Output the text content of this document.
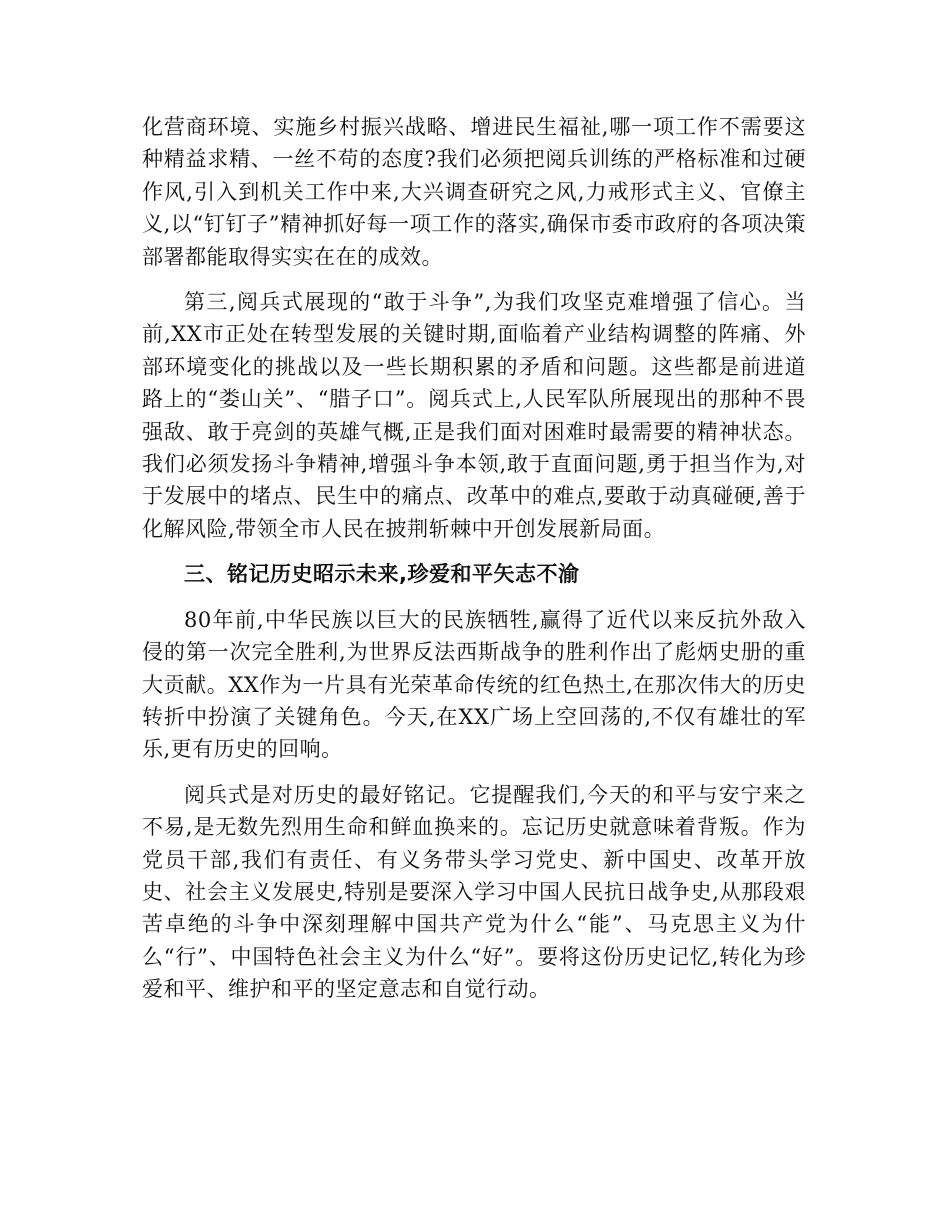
化营商环境、实施乡村振兴战略、增进民生福祉,哪一项工作不需要这种精益求精、一丝不苟的态度?我们必须把阅兵训练的严格标准和过硬作风,引入到机关工作中来,大兴调查研究之风,力戒形式主义、官僚主义,以“钉钉子”精神抓好每一项工作的落实,确保市委市政府的各项决策部署都能取得实实在在的成效。

第三,阅兵式展现的“敢于斗争”,为我们攻坚克难增强了信心。当前,XX市正处在转型发展的关键时期,面临着产业结构调整的阵痛、外部环境变化的挑战以及一些长期积累的矛盾和问题。这些都是前进道路上的“娄山关”、“腊子口”。阅兵式上,人民军队所展现出的那种不畏强敌、敢于亮剑的英雄气概,正是我们面对困难时最需要的精神状态。我们必须发扬斗争精神,增强斗争本领,敢于直面问题,勇于担当作为,对于发展中的堵点、民生中的痛点、改革中的难点,要敢于动真碰硬,善于化解风险,带领全市人民在披荆斩棘中开创发展新局面。

三、铭记历史昭示未来,珍爱和平矢志不渝

80年前,中华民族以巨大的民族牺牲,赢得了近代以来反抗外敌入侵的第一次完全胜利,为世界反法西斯战争的胜利作出了彪炳史册的重大贡献。XX作为一片具有光荣革命传统的红色热土,在那次伟大的历史转折中扮演了关键角色。今天,在XX广场上空回荡的,不仅有雄壮的军乐,更有历史的回响。

阅兵式是对历史的最好铭记。它提醒我们,今天的和平与安宁来之不易,是无数先烈用生命和鲜血换来的。忘记历史就意味着背叛。作为党员干部,我们有责任、有义务带头学习党史、新中国史、改革开放史、社会主义发展史,特别是要深入学习中国人民抗日战争史,从那段艰苦卓绝的斗争中深刻理解中国共产党为什么“能”、马克思主义为什么“行”、中国特色社会主义为什么“好”。要将这份历史记忆,转化为珍爱和平、维护和平的坚定意志和自觉行动。
